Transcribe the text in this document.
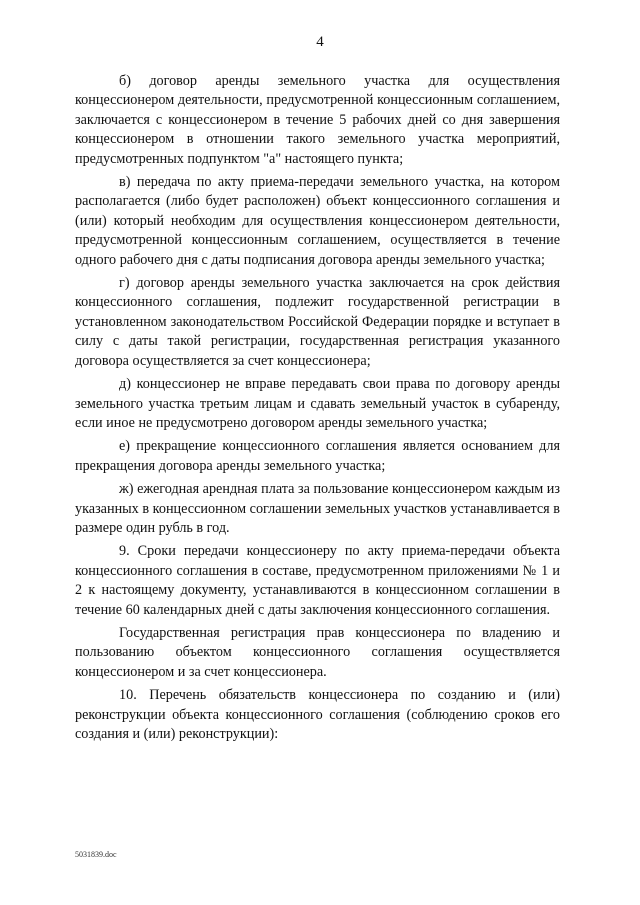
4

б) договор аренды земельного участка для осуществления концессионером деятельности, предусмотренной концессионным соглашением, заключается с концессионером в течение 5 рабочих дней со дня завершения концессионером в отношении такого земельного участка мероприятий, предусмотренных подпунктом "а" настоящего пункта;

в) передача по акту приема-передачи земельного участка, на котором располагается (либо будет расположен) объект концессионного соглашения и (или) который необходим для осуществления концессионером деятельности, предусмотренной концессионным соглашением, осуществляется в течение одного рабочего дня с даты подписания договора аренды земельного участка;

г) договор аренды земельного участка заключается на срок действия концессионного соглашения, подлежит государственной регистрации в установленном законодательством Российской Федерации порядке и вступает в силу с даты такой регистрации, государственная регистрация указанного договора осуществляется за счет концессионера;

д) концессионер не вправе передавать свои права по договору аренды земельного участка третьим лицам и сдавать земельный участок в субаренду, если иное не предусмотрено договором аренды земельного участка;

е) прекращение концессионного соглашения является основанием для прекращения договора аренды земельного участка;

ж) ежегодная арендная плата за пользование концессионером каждым из указанных в концессионном соглашении земельных участков устанавливается в размере один рубль в год.

9. Сроки передачи концессионеру по акту приема-передачи объекта концессионного соглашения в составе, предусмотренном приложениями № 1 и 2 к настоящему документу, устанавливаются в концессионном соглашении в течение 60 календарных дней с даты заключения концессионного соглашения.

Государственная регистрация прав концессионера по владению и пользованию объектом концессионного соглашения осуществляется концессионером и за счет концессионера.

10. Перечень обязательств концессионера по созданию и (или) реконструкции объекта концессионного соглашения (соблюдению сроков его создания и (или) реконструкции):

5031839.doc
